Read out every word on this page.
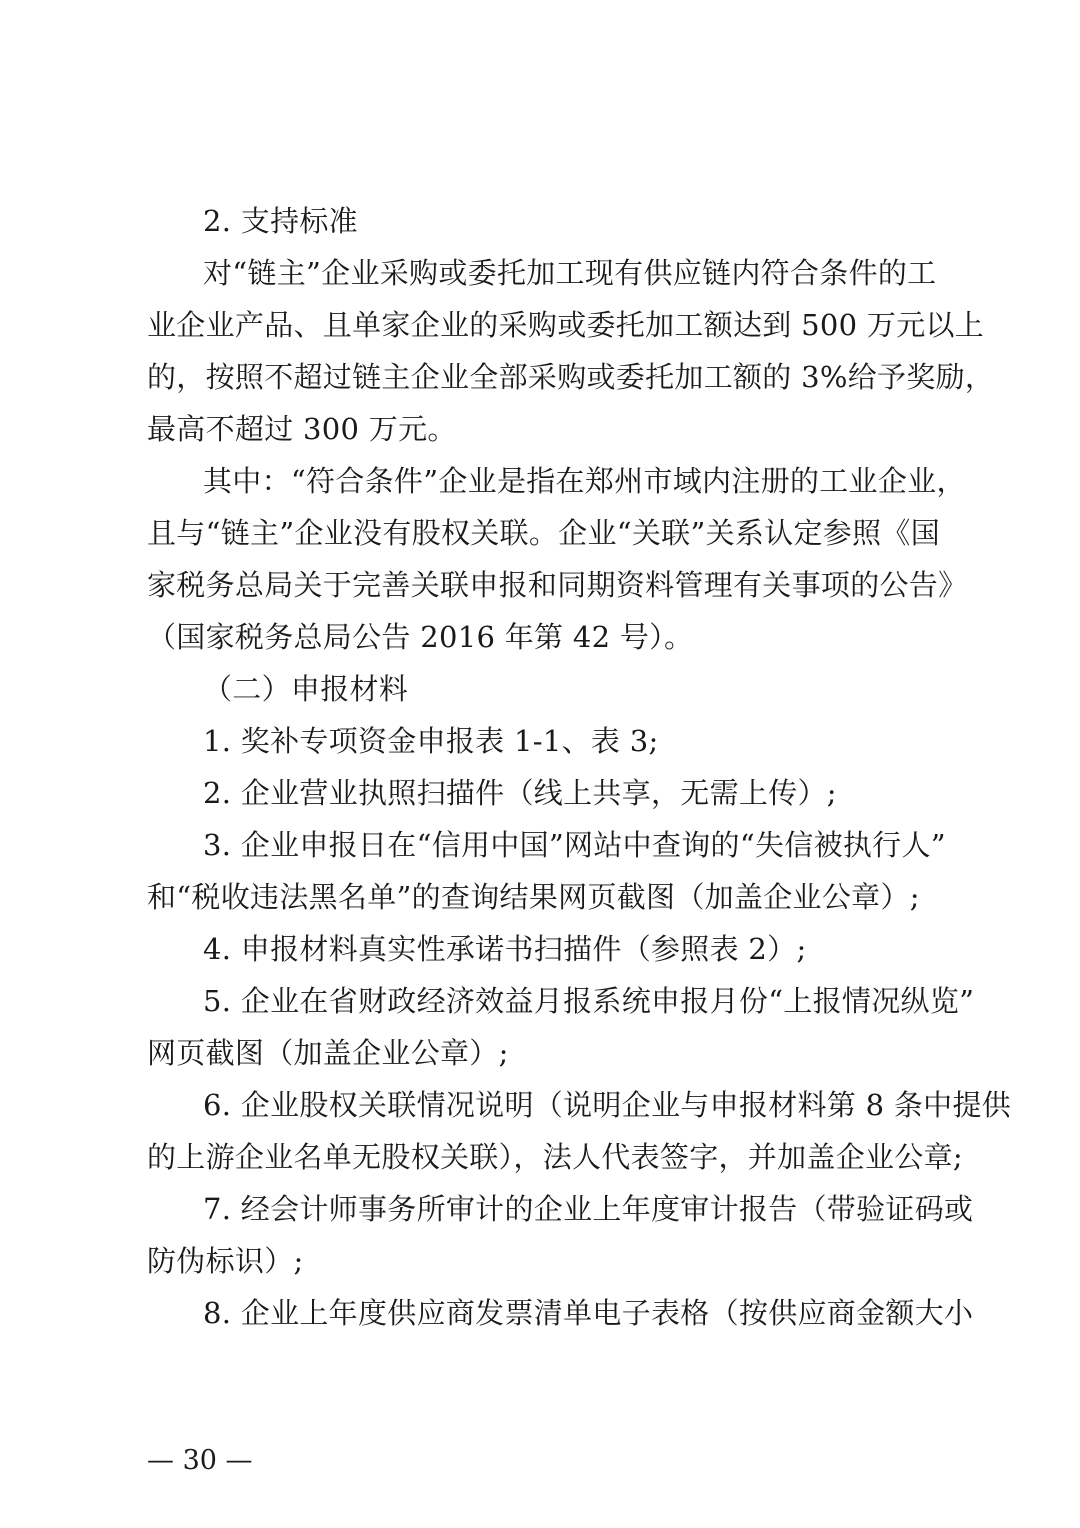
2. 支持标准
对“链主”企业采购或委托加工现有供应链内符合条件的工
业企业产品、且单家企业的采购或委托加工额达到 500 万元以上
的，按照不超过链主企业全部采购或委托加工额的 3%给予奖励，
最高不超过 300 万元。
其中：“符合条件”企业是指在郑州市域内注册的工业企业，
且与“链主”企业没有股权关联。企业“关联”关系认定参照《国
家税务总局关于完善关联申报和同期资料管理有关事项的公告》
（国家税务总局公告 2016 年第 42 号）。
（二）申报材料
1. 奖补专项资金申报表 1-1、表 3;
2. 企业营业执照扫描件（线上共享，无需上传）;
3. 企业申报日在“信用中国”网站中查询的“失信被执行人”
和“税收违法黑名单”的查询结果网页截图（加盖企业公章）;
4. 申报材料真实性承诺书扫描件（参照表 2）;
5. 企业在省财政经济效益月报系统申报月份“上报情况纵览”
网页截图（加盖企业公章）;
6. 企业股权关联情况说明（说明企业与申报材料第 8 条中提供
的上游企业名单无股权关联），法人代表签字，并加盖企业公章;
7. 经会计师事务所审计的企业上年度审计报告（带验证码或
防伪标识）;
8. 企业上年度供应商发票清单电子表格（按供应商金额大小
— 30 —
